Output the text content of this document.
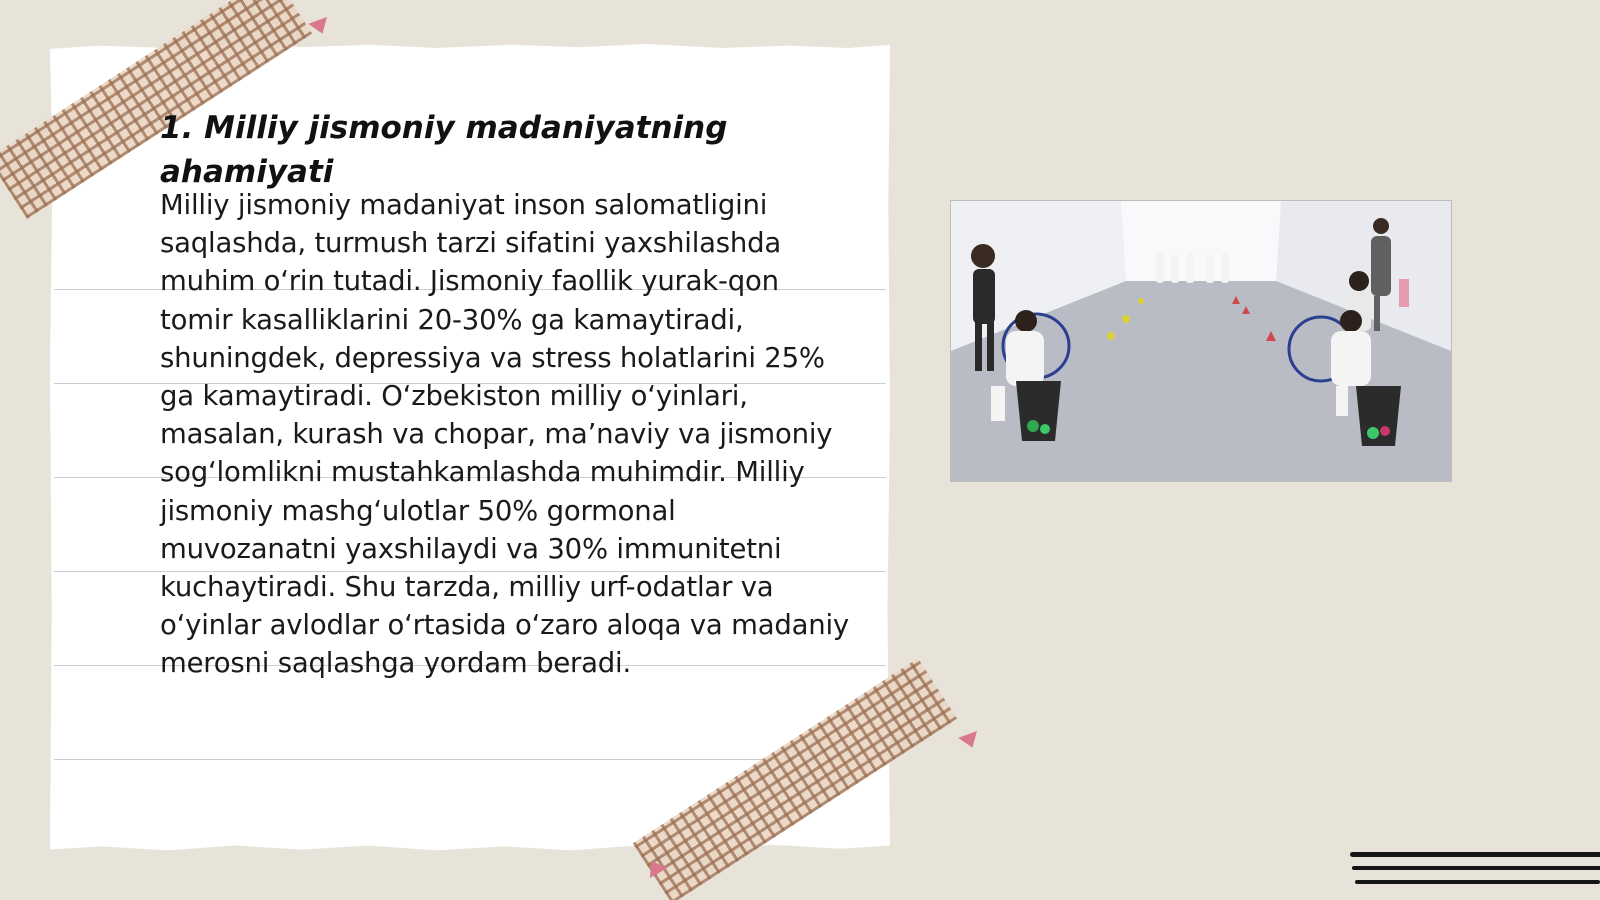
1. Milliy jismoniy madaniyatning ahamiyati

Milliy jismoniy madaniyat inson salomatligini saqlashda, turmush tarzi sifatini yaxshilashda muhim o‘rin tutadi. Jismoniy faollik yurak-qon tomir kasalliklarini 20-30% ga kamaytiradi, shuningdek, depressiya va stress holatlarini 25% ga kamaytiradi. O‘zbekiston milliy o‘yinlari, masalan, kurash va chopar, ma’naviy va jismoniy sog‘lomlikni mustahkamlashda muhimdir. Milliy jismoniy mashg‘ulotlar 50% gormonal muvozanatni yaxshilaydi va 30% immunitetni kuchaytiradi. Shu tarzda, milliy urf-odatlar va o‘yinlar avlodlar o‘rtasida o‘zaro aloqa va madaniy merosni saqlashga yordam beradi.
